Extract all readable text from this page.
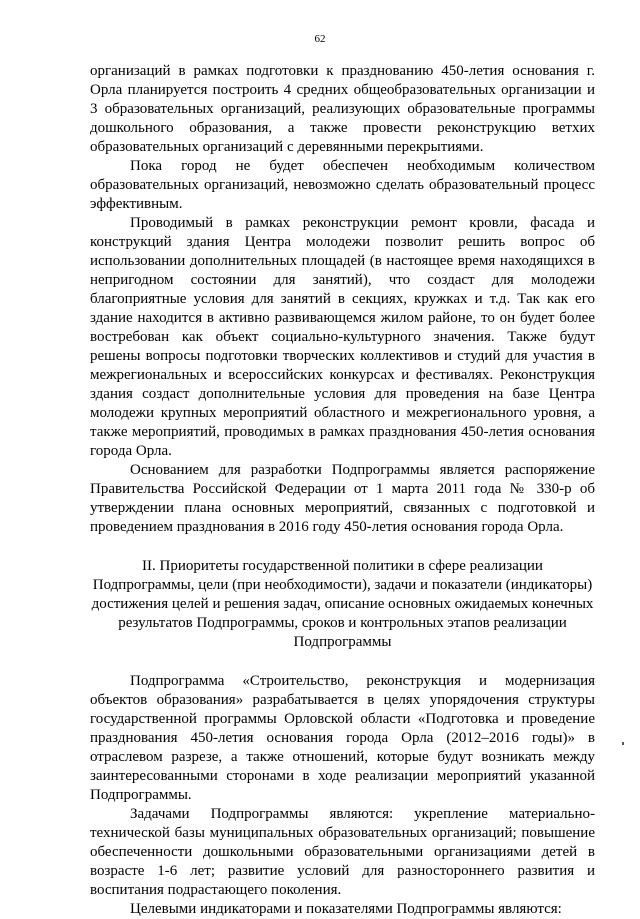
62

организаций в рамках подготовки к празднованию 450-летия основания г. Орла планируется построить 4 средних общеобразовательных организации и 3 образовательных организаций, реализующих образовательные программы дошкольного образования, а также провести реконструкцию ветхих образовательных организаций с деревянными перекрытиями.

Пока город не будет обеспечен необходимым количеством образовательных организаций, невозможно сделать образовательный процесс эффективным.

Проводимый в рамках реконструкции ремонт кровли, фасада и конструкций здания Центра молодежи позволит решить вопрос об использовании дополнительных площадей (в настоящее время находящихся в непригодном состоянии для занятий), что создаст для молодежи благоприятные условия для занятий в секциях, кружках и т.д. Так как его здание находится в активно развивающемся жилом районе, то он будет более востребован как объект социально-культурного значения. Также будут решены вопросы подготовки творческих коллективов и студий для участия в межрегиональных и всероссийских конкурсах и фестивалях. Реконструкция здания создаст дополнительные условия для проведения на базе Центра молодежи крупных мероприятий областного и межрегионального уровня, а также мероприятий, проводимых в рамках празднования 450-летия основания города Орла.

Основанием для разработки Подпрограммы является распоряжение Правительства Российской Федерации от 1 марта 2011 года № 330-р об утверждении плана основных мероприятий, связанных с подготовкой и проведением празднования в 2016 году 450-летия основания города Орла.

II. Приоритеты государственной политики в сфере реализации Подпрограммы, цели (при необходимости), задачи и показатели (индикаторы) достижения целей и решения задач, описание основных ожидаемых конечных результатов Подпрограммы, сроков и контрольных этапов реализации Подпрограммы

Подпрограмма «Строительство, реконструкция и модернизация объектов образования» разрабатывается в целях упорядочения структуры государственной программы Орловской области «Подготовка и проведение празднования 450-летия основания города Орла (2012–2016 годы)» в отраслевом разрезе, а также отношений, которые будут возникать между заинтересованными сторонами в ходе реализации мероприятий указанной Подпрограммы.

Задачами Подпрограммы являются: укрепление материально-технической базы муниципальных образовательных организаций; повышение обеспеченности дошкольными образовательными организациями детей в возрасте 1-6 лет; развитие условий для разностороннего развития и воспитания подрастающего поколения.

Целевыми индикаторами и показателями Подпрограммы являются:
